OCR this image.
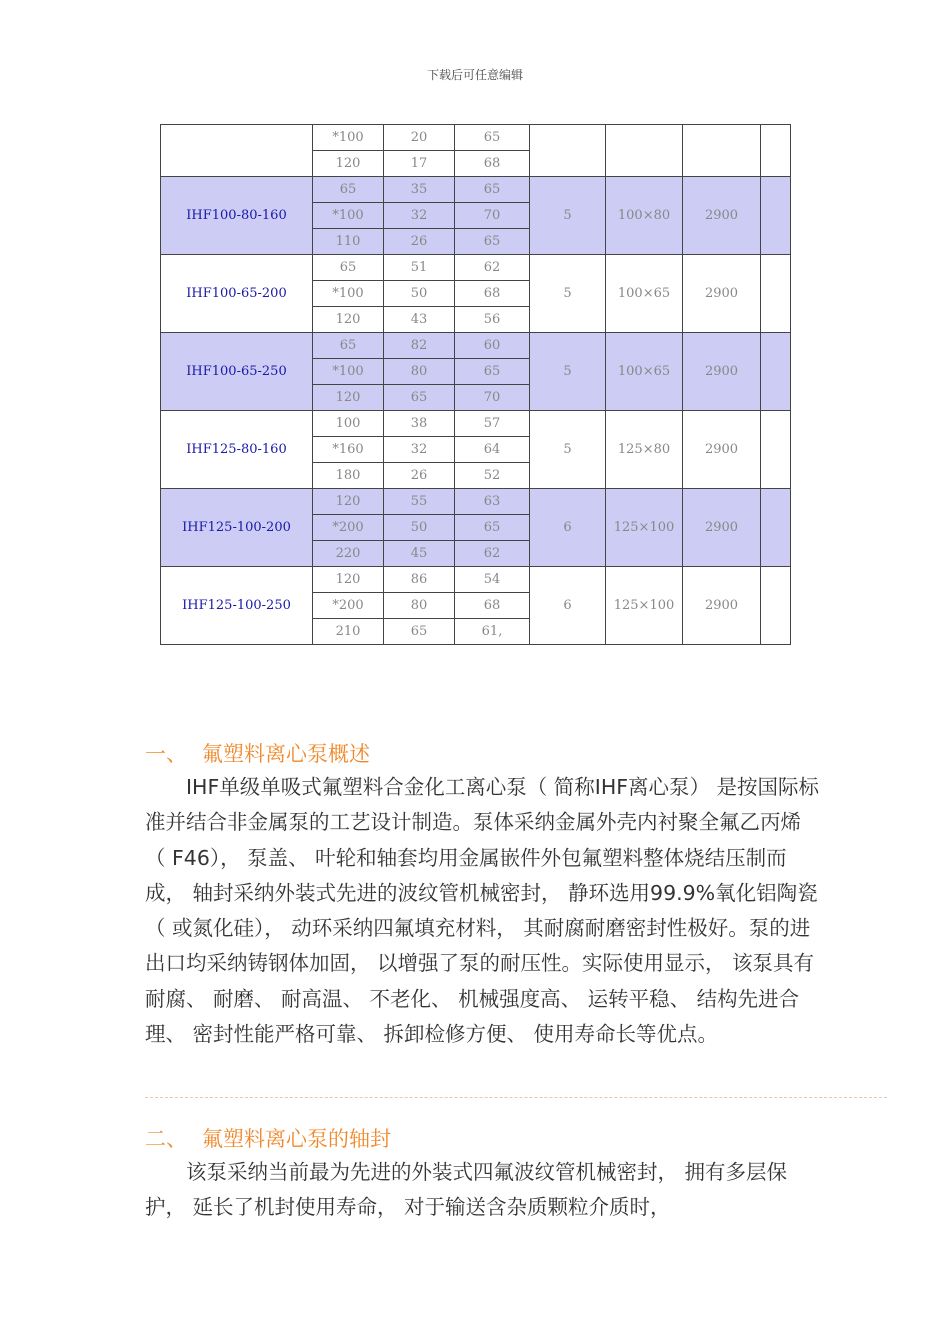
下载后可任意编辑
	*100	20	65				
	120	17	68				
IHF100-80-160	65	35	65	5	100×80	2900	
	*100	32	70				
	110	26	65				
IHF100-65-200	65	51	62	5	100×65	2900	
	*100	50	68				
	120	43	56				
IHF100-65-250	65	82	60	5	100×65	2900	
	*100	80	65				
	120	65	70				
IHF125-80-160	100	38	57	5	125×80	2900	
	*160	32	64				
	180	26	52				
IHF125-100-200	120	55	63	6	125×100	2900	
	*200	50	65				
	220	45	62				
IHF125-100-250	120	86	54	6	125×100	2900	
	*200	80	68				
	210	65	61,				
一、 氟塑料离心泵概述

IHF单级单吸式氟塑料合金化工离心泵（ 简称IHF离心泵） 是按国际标准并结合非金属泵的工艺设计制造。泵体采纳金属外壳内衬聚全氟乙丙烯（ F46）， 泵盖、 叶轮和轴套均用金属嵌件外包氟塑料整体烧结压制而成， 轴封采纳外装式先进的波纹管机械密封， 静环选用99.9%氧化铝陶瓷（ 或氮化硅）， 动环采纳四氟填充材料， 其耐腐耐磨密封性极好。泵的进出口均采纳铸钢体加固， 以增强了泵的耐压性。实际使用显示， 该泵具有耐腐、 耐磨、 耐高温、 不老化、 机械强度高、 运转平稳、 结构先进合理、 密封性能严格可靠、 拆卸检修方便、 使用寿命长等优点。

二、 氟塑料离心泵的轴封

该泵采纳当前最为先进的外装式四氟波纹管机械密封， 拥有多层保护， 延长了机封使用寿命， 对于输送含杂质颗粒介质时，
